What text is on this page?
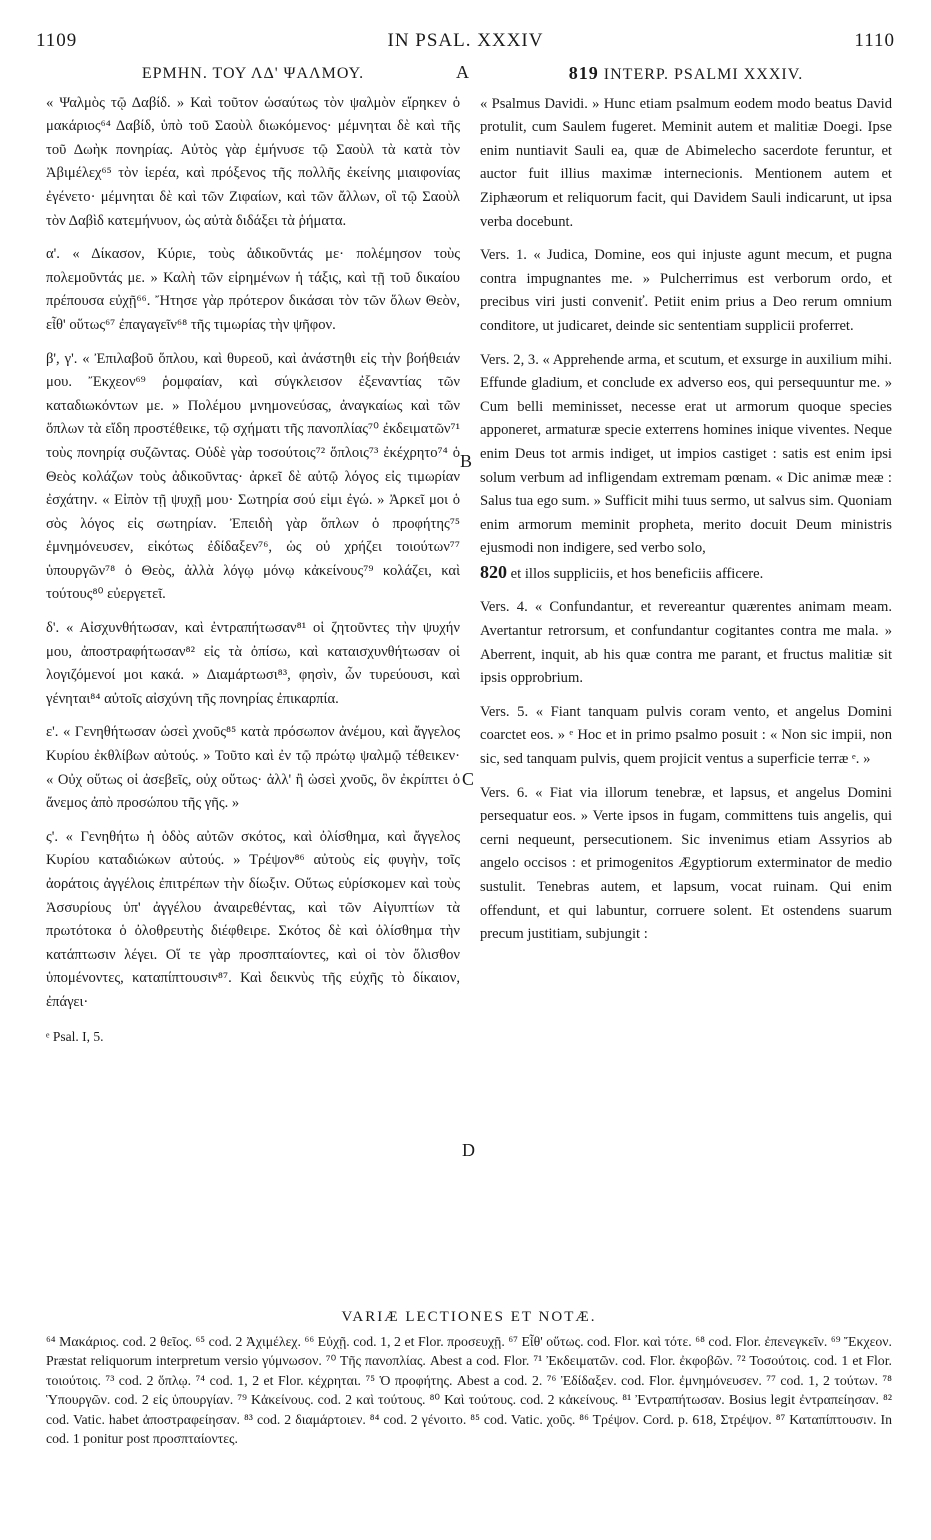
1109	IN PSAL. XXXIV	1110
A
B
C
D
ΕΡΜΗΝ. ΤΟΥ ΛΔ' ΨΑΛΜΟΥ.

« Ψαλμὸς τῷ Δαβίδ. » Καὶ τοῦτον ὡσαύτως τὸν ψαλμὸν εἴρηκεν ὁ μακάριος⁶⁴ Δαβίδ, ὑπὸ τοῦ Σαοὺλ διωκόμενος· μέμνηται δὲ καὶ τῆς τοῦ Δωὴκ πονηρίας. Αὐτὸς γὰρ ἐμήνυσε τῷ Σαοὺλ τὰ κατὰ τὸν Ἀβιμέλεχ⁶⁵ τὸν ἱερέα, καὶ πρόξενος τῆς πολλῆς ἐκείνης μιαιφονίας ἐγένετο· μέμνηται δὲ καὶ τῶν Ζιφαίων, καὶ τῶν ἄλλων, οἳ τῷ Σαοὺλ τὸν Δαβὶδ κατεμήνυον, ὡς αὐτὰ διδάξει τὰ ῥήματα.

α'. « Δίκασον, Κύριε, τοὺς ἀδικοῦντάς με· πολέμησον τοὺς πολεμοῦντάς με. » Καλὴ τῶν εἰρημένων ἡ τάξις, καὶ τῇ τοῦ δικαίου πρέπουσα εὐχῇ⁶⁶. Ἤτησε γὰρ πρότερον δικάσαι τὸν τῶν ὅλων Θεὸν, εἶθ' οὕτως⁶⁷ ἐπαγαγεῖν⁶⁸ τῆς τιμωρίας τὴν ψῆφον.

β', γ'. « Ἐπιλαβοῦ ὅπλου, καὶ θυρεοῦ, καὶ ἀνάστηθι εἰς τὴν βοήθειάν μου. Ἔκχεον⁶⁹ ῥομφαίαν, καὶ σύγκλεισον ἐξεναντίας τῶν καταδιωκόντων με. » Πολέμου μνημονεύσας, ἀναγκαίως καὶ τῶν ὅπλων τὰ εἴδη προστέθεικε, τῷ σχήματι τῆς πανοπλίας⁷⁰ ἐκδειματῶν⁷¹ τοὺς πονηρίᾳ συζῶντας. Οὐδὲ γὰρ τοσούτοις⁷² ὅπλοις⁷³ ἐκέχρητο⁷⁴ ὁ Θεὸς κολάζων τοὺς ἀδικοῦντας· ἀρκεῖ δὲ αὐτῷ λόγος εἰς τιμωρίαν ἐσχάτην. « Εἰπὸν τῇ ψυχῇ μου· Σωτηρία σού εἰμι ἐγώ. » Ἀρκεῖ μοι ὁ σὸς λόγος εἰς σωτηρίαν. Ἐπειδὴ γὰρ ὅπλων ὁ προφήτης⁷⁵ ἐμνημόνευσεν, εἰκότως ἐδίδαξεν⁷⁶, ὡς οὐ χρήζει τοιούτων⁷⁷ ὑπουργῶν⁷⁸ ὁ Θεὸς, ἀλλὰ λόγῳ μόνῳ κἀκείνους⁷⁹ κολάζει, καὶ τούτους⁸⁰ εὐεργετεῖ.

δ'. « Αἰσχυνθήτωσαν, καὶ ἐντραπήτωσαν⁸¹ οἱ ζητοῦντες τὴν ψυχήν μου, ἀποστραφήτωσαν⁸² εἰς τὰ ὀπίσω, καὶ καταισχυνθήτωσαν οἱ λογιζόμενοί μοι κακά. » Διαμάρτωσι⁸³, φησὶν, ὧν τυρεύουσι, καὶ γένηται⁸⁴ αὐτοῖς αἰσχύνη τῆς πονηρίας ἐπικαρπία.

ε'. « Γενηθήτωσαν ὡσεὶ χνοῦς⁸⁵ κατὰ πρόσωπον ἀνέμου, καὶ ἄγγελος Κυρίου ἐκθλίβων αὐτούς. » Τοῦτο καὶ ἐν τῷ πρώτῳ ψαλμῷ τέθεικεν· « Οὐχ οὕτως οἱ ἀσεβεῖς, οὐχ οὕτως· ἀλλ' ἢ ὡσεὶ χνοῦς, ὃν ἐκρίπτει ὁ ἄνεμος ἀπὸ προσώπου τῆς γῆς. »

ς'. « Γενηθήτω ἡ ὁδὸς αὐτῶν σκότος, καὶ ὀλίσθημα, καὶ ἄγγελος Κυρίου καταδιώκων αὐτούς. » Τρέψον⁸⁶ αὐτοὺς εἰς φυγὴν, τοῖς ἀοράτοις ἀγγέλοις ἐπιτρέπων τὴν δίωξιν. Οὕτως εὑρίσκομεν καὶ τοὺς Ἀσσυρίους ὑπ' ἀγγέλου ἀναιρεθέντας, καὶ τῶν Αἰγυπτίων τὰ πρωτότοκα ὁ ὀλοθρευτὴς διέφθειρε. Σκότος δὲ καὶ ὀλίσθημα τὴν κατάπτωσιν λέγει. Οἵ τε γὰρ προσπταίοντες, καὶ οἱ τὸν ὄλισθον ὑπομένοντες, καταπίπτουσιν⁸⁷. Καὶ δεικνὺς τῆς εὐχῆς τὸ δίκαιον, ἐπάγει·

ᵉ Psal. I, 5.

819 INTERP. PSALMI XXXIV.

« Psalmus Davidi. » Hunc etiam psalmum eodem modo beatus David protulit, cum Saulem fugeret. Meminit autem et malitiæ Doegi. Ipse enim nuntiavit Sauli ea, quæ de Abimelecho sacerdote feruntur, et auctor fuit illius maximæ internecionis. Mentionem autem et Ziphæorum et reliquorum facit, qui Davidem Sauli indicarunt, ut ipsa verba docebunt.

Vers. 1. « Judica, Domine, eos qui injuste agunt mecum, et pugna contra impugnantes me. » Pulcherrimus est verborum ordo, et precibus viri justi conveniť. Petiit enim prius a Deo rerum omnium conditore, ut judicaret, deinde sic sententiam supplicii proferret.

Vers. 2, 3. « Apprehende arma, et scutum, et exsurge in auxilium mihi. Effunde gladium, et conclude ex adverso eos, qui persequuntur me. » Cum belli meminisset, necesse erat ut armorum quoque species apponeret, armaturæ specie exterrens homines inique viventes. Neque enim Deus tot armis indiget, ut impios castiget : satis est enim ipsi solum verbum ad infligendam extremam pœnam. « Dic animæ meæ : Salus tua ego sum. » Sufficit mihi tuus sermo, ut salvus sim. Quoniam enim armorum meminit propheta, merito docuit Deum ministris ejusmodi non indigere, sed verbo solo,

820 et illos suppliciis, et hos beneficiis afficere.

Vers. 4. « Confundantur, et revereantur quærentes animam meam. Avertantur retrorsum, et confundantur cogitantes contra me mala. » Aberrent, inquit, ab his quæ contra me parant, et fructus malitiæ sit ipsis opprobrium.

Vers. 5. « Fiant tanquam pulvis coram vento, et angelus Domini coarctet eos. » ᵉ Hoc et in primo psalmo posuit : « Non sic impii, non sic, sed tanquam pulvis, quem projicit ventus a superficie terræ ᵉ. »

Vers. 6. « Fiat via illorum tenebræ, et lapsus, et angelus Domini persequatur eos. » Verte ipsos in fugam, committens tuis angelis, qui cerni nequeunt, persecutionem. Sic invenimus etiam Assyrios ab angelo occisos : et primogenitos Ægyptiorum exterminator de medio sustulit. Tenebras autem, et lapsum, vocat ruinam. Qui enim offendunt, et qui labuntur, corruere solent. Et ostendens suarum precum justitiam, subjungit :

VARIÆ LECTIONES ET NOTÆ.

⁶⁴ Μακάριος. cod. 2 θεῖος. ⁶⁵ cod. 2 Ἀχιμέλεχ. ⁶⁶ Εὐχῇ. cod. 1, 2 et Flor. προσευχῇ. ⁶⁷ Εἶθ' οὕτως. cod. Flor. καὶ τότε. ⁶⁸ cod. Flor. ἐπενεγκεῖν. ⁶⁹ Ἔκχεον. Præstat reliquorum interpretum versio γύμνωσον. ⁷⁰ Τῆς πανοπλίας. Abest a cod. Flor. ⁷¹ Ἐκδειματῶν. cod. Flor. ἐκφοβῶν. ⁷² Τοσούτοις. cod. 1 et Flor. τοιούτοις. ⁷³ cod. 2 ὅπλῳ. ⁷⁴ cod. 1, 2 et Flor. κέχρηται. ⁷⁵ Ὁ προφήτης. Abest a cod. 2. ⁷⁶ Ἐδίδαξεν. cod. Flor. ἐμνημόνευσεν. ⁷⁷ cod. 1, 2 τούτων. ⁷⁸ Ὑπουργῶν. cod. 2 εἰς ὑπουργίαν. ⁷⁹ Κἀκείνους. cod. 2 καὶ τούτους. ⁸⁰ Καὶ τούτους. cod. 2 κἀκείνους. ⁸¹ Ἐντραπήτωσαν. Bosius legit ἐντραπείησαν. ⁸² cod. Vatic. habet ἀποστραφείησαν. ⁸³ cod. 2 διαμάρτοιεν. ⁸⁴ cod. 2 γένοιτο. ⁸⁵ cod. Vatic. χοῦς. ⁸⁶ Τρέψον. Cord. p. 618, Στρέψον. ⁸⁷ Καταπίπτουσιν. In cod. 1 ponitur post προσπταίοντες.
